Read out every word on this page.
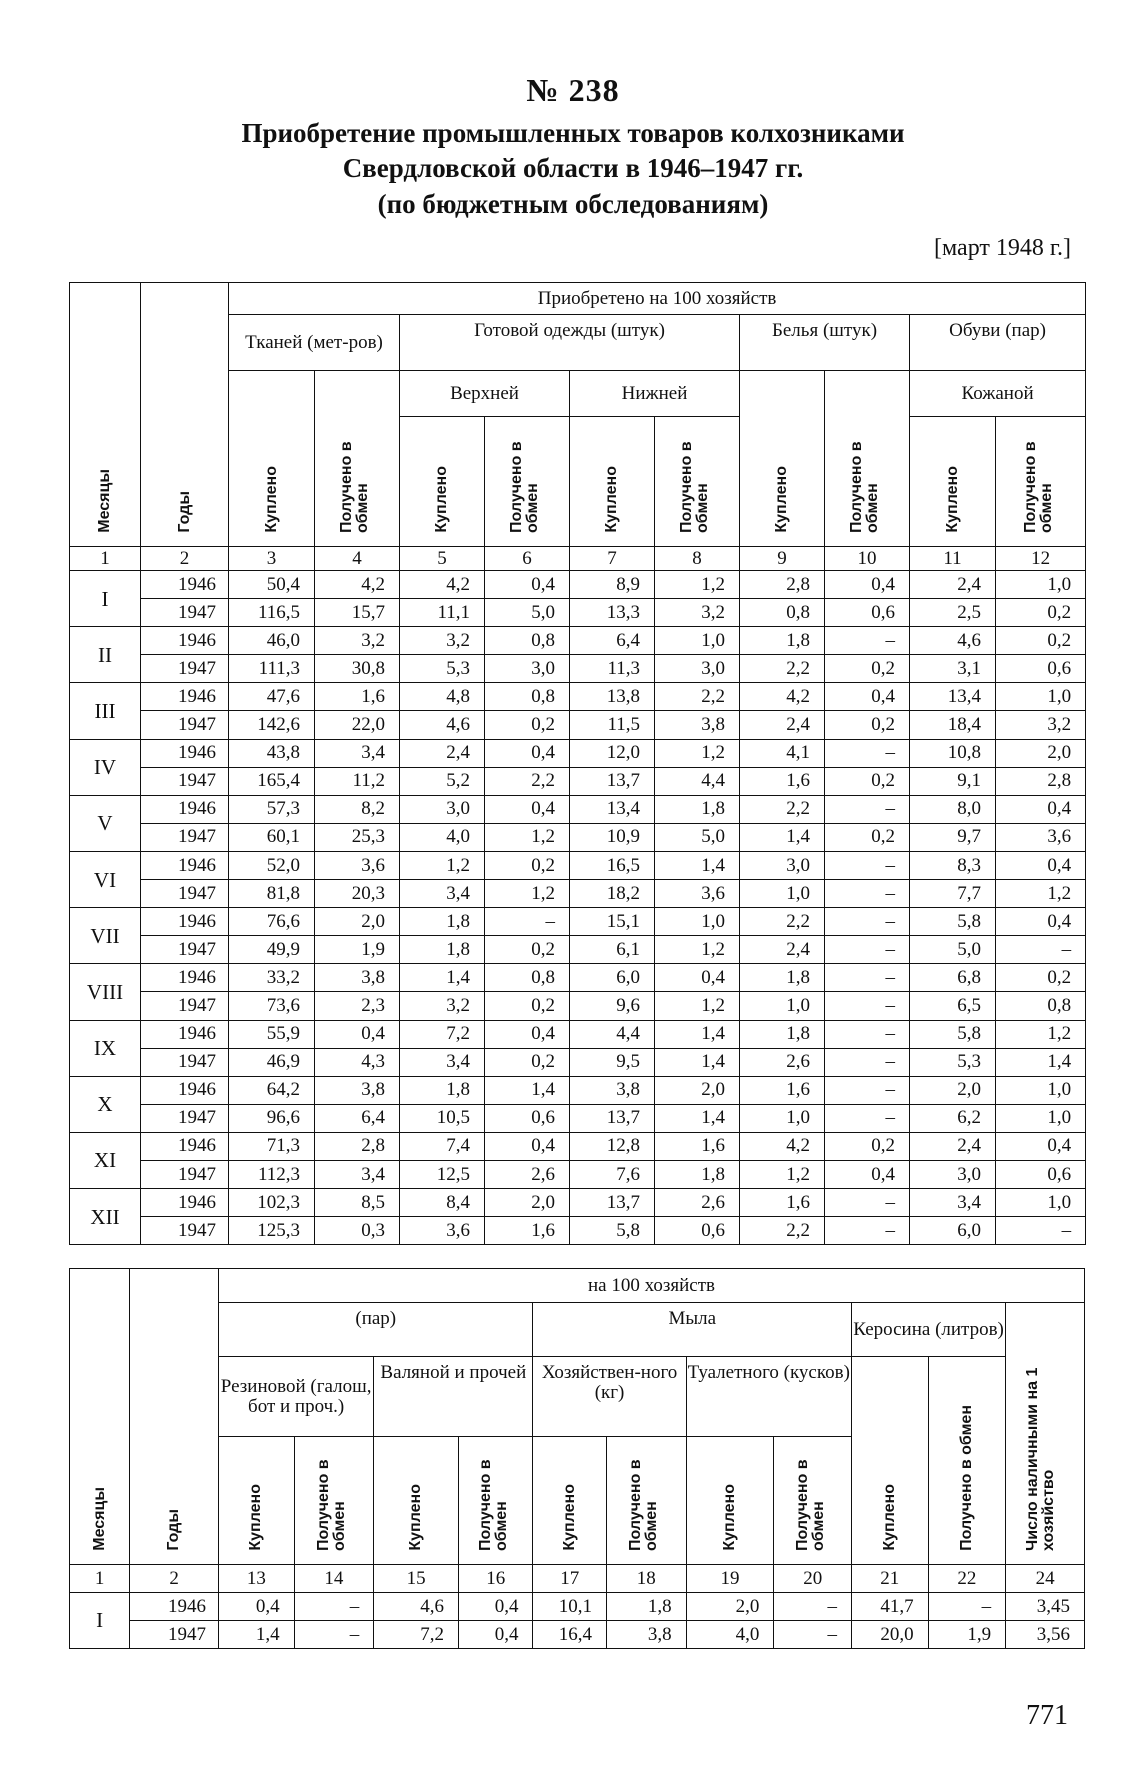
№ 238
Приобретение промышленных товаров колхозниками
Свердловской области в 1946–1947 гг.
(по бюджетным обследованиям)
[март 1948 г.]
Месяцы	Годы	Приобретено на 100 хозяйств									
		Тканей (мет-ров)		Готовой одежды (штук)				Белья (штук)		Обуви (пар)	
		Куплено	Получено в обмен	Верхней		Нижней		Куплено	Получено в обмен	Кожаной	
				Куплено	Получено в обмен	Куплено	Получено в обмен			Куплено	Получено в обмен
1	2	3	4	5	6	7	8	9	10	11	12
I	1946	50,4	4,2	4,2	0,4	8,9	1,2	2,8	0,4	2,4	1,0
	1947	116,5	15,7	11,1	5,0	13,3	3,2	0,8	0,6	2,5	0,2
II	1946	46,0	3,2	3,2	0,8	6,4	1,0	1,8	–	4,6	0,2
	1947	111,3	30,8	5,3	3,0	11,3	3,0	2,2	0,2	3,1	0,6
III	1946	47,6	1,6	4,8	0,8	13,8	2,2	4,2	0,4	13,4	1,0
	1947	142,6	22,0	4,6	0,2	11,5	3,8	2,4	0,2	18,4	3,2
IV	1946	43,8	3,4	2,4	0,4	12,0	1,2	4,1	–	10,8	2,0
	1947	165,4	11,2	5,2	2,2	13,7	4,4	1,6	0,2	9,1	2,8
V	1946	57,3	8,2	3,0	0,4	13,4	1,8	2,2	–	8,0	0,4
	1947	60,1	25,3	4,0	1,2	10,9	5,0	1,4	0,2	9,7	3,6
VI	1946	52,0	3,6	1,2	0,2	16,5	1,4	3,0	–	8,3	0,4
	1947	81,8	20,3	3,4	1,2	18,2	3,6	1,0	–	7,7	1,2
VII	1946	76,6	2,0	1,8	–	15,1	1,0	2,2	–	5,8	0,4
	1947	49,9	1,9	1,8	0,2	6,1	1,2	2,4	–	5,0	–
VIII	1946	33,2	3,8	1,4	0,8	6,0	0,4	1,8	–	6,8	0,2
	1947	73,6	2,3	3,2	0,2	9,6	1,2	1,0	–	6,5	0,8
IX	1946	55,9	0,4	7,2	0,4	4,4	1,4	1,8	–	5,8	1,2
	1947	46,9	4,3	3,4	0,2	9,5	1,4	2,6	–	5,3	1,4
X	1946	64,2	3,8	1,8	1,4	3,8	2,0	1,6	–	2,0	1,0
	1947	96,6	6,4	10,5	0,6	13,7	1,4	1,0	–	6,2	1,0
XI	1946	71,3	2,8	7,4	0,4	12,8	1,6	4,2	0,2	2,4	0,4
	1947	112,3	3,4	12,5	2,6	7,6	1,8	1,2	0,4	3,0	0,6
XII	1946	102,3	8,5	8,4	2,0	13,7	2,6	1,6	–	3,4	1,0
	1947	125,3	0,3	3,6	1,6	5,8	0,6	2,2	–	6,0	–
Месяцы	Годы	на 100 хозяйств										
		(пар)				Мыла				Керосина (литров)		Число наличными на 1 хозяйство
		Резиновой (галош, бот и проч.)		Валяной и прочей		Хозяйствен-ного (кг)		Туалетного (кусков)		Куплено	Получено в обмен	
		Куплено	Получено в обмен	Куплено	Получено в обмен	Куплено	Получено в обмен	Куплено	Получено в обмен			
1	2	13	14	15	16	17	18	19	20	21	22	24
I	1946	0,4	–	4,6	0,4	10,1	1,8	2,0	–	41,7	–	3,45
	1947	1,4	–	7,2	0,4	16,4	3,8	4,0	–	20,0	1,9	3,56
771
